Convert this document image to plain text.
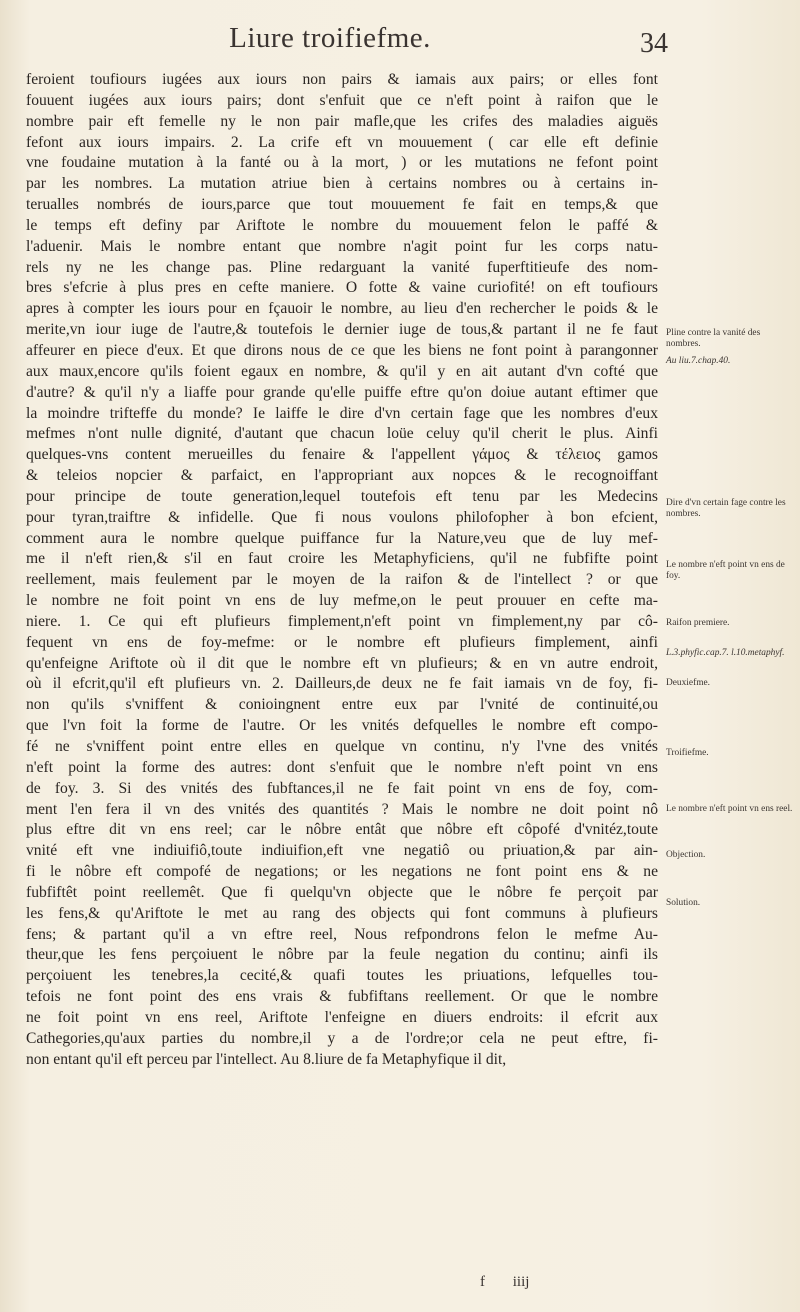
Liure troifiefme.	34
feroient toufiours iugées aux iours non pairs & iamais aux pairs; or elles font
fouuent iugées aux iours pairs; dont s'enfuit que ce n'eft point à raifon que le
nombre pair eft femelle ny le non pair mafle,que les crifes des maladies aiguës
fefont aux iours impairs. 2. La crife eft vn mouuement ( car elle eft definie
vne foudaine mutation à la fanté ou à la mort, ) or les mutations ne fefont point
par les nombres. La mutation atriue bien à certains nombres ou à certains in-
terualles nombrés de iours,parce que tout mouuement fe fait en temps,& que
le temps eft definy par Ariftote le nombre du mouuement felon le paffé &
l'aduenir. Mais le nombre entant que nombre n'agit point fur les corps natu-
rels ny ne les change pas. Pline redarguant la vanité fuperftitieufe des nom-
bres s'efcrie à plus pres en cefte maniere. O fotte & vaine curiofité! on eft toufiours
apres à compter les iours pour en fçauoir le nombre, au lieu d'en rechercher le poids & le
merite,vn iour iuge de l'autre,& toutefois le dernier iuge de tous,& partant il ne fe faut
affeurer en piece d'eux. Et que dirons nous de ce que les biens ne font point à parangonner
aux maux,encore qu'ils foient egaux en nombre, & qu'il y en ait autant d'vn cofté que
d'autre? & qu'il n'y a liaffe pour grande qu'elle puiffe eftre qu'on doiue autant eftimer que
la moindre trifteffe du monde? Ie laiffe le dire d'vn certain fage que les nombres d'eux
mefmes n'ont nulle dignité, d'autant que chacun loüe celuy qu'il cherit le plus. Ainfi
quelques-vns content merueilles du fenaire & l'appellent γάμος & τέλειος gamos
& teleios nopcier & parfaict, en l'appropriant aux nopces & le recognoiffant
pour principe de toute generation,lequel toutefois eft tenu par les Medecins
pour tyran,traiftre & infidelle. Que fi nous voulons philofopher à bon efcient,
comment aura le nombre quelque puiffance fur la Nature,veu que de luy mef-
me il n'eft rien,& s'il en faut croire les Metaphyficiens, qu'il ne fubfifte point
reellement, mais feulement par le moyen de la raifon & de l'intellect ? or que
le nombre ne foit point vn ens de luy mefme,on le peut prouuer en cefte ma-
niere. 1. Ce qui eft plufieurs fimplement,n'eft point vn fimplement,ny par cô-
fequent vn ens de foy-mefme: or le nombre eft plufieurs fimplement, ainfi
qu'enfeigne Ariftote où il dit que le nombre eft vn plufieurs; & en vn autre endroit,
où il efcrit,qu'il eft plufieurs vn. 2. Dailleurs,de deux ne fe fait iamais vn de foy, fi-
non qu'ils s'vniffent & conioingnent entre eux par l'vnité de continuité,ou
que l'vn foit la forme de l'autre. Or les vnités defquelles le nombre eft compo-
fé ne s'vniffent point entre elles en quelque vn continu, n'y l'vne des vnités
n'eft point la forme des autres: dont s'enfuit que le nombre n'eft point vn ens
de foy. 3. Si des vnités des fubftances,il ne fe fait point vn ens de foy, com-
ment l'en fera il vn des vnités des quantités ? Mais le nombre ne doit point nô
plus eftre dit vn ens reel; car le nôbre entât que nôbre eft côpofé d'vnitéz,toute
vnité eft vne indiuifiô,toute indiuifion,eft vne negatiô ou priuation,& par ain-
fi le nôbre eft compofé de negations; or les negations ne font point ens & ne
fubfiftêt point reellemêt. Que fi quelqu'vn objecte que le nôbre fe perçoit par
les fens,& qu'Ariftote le met au rang des objects qui font communs à plufieurs
fens; & partant qu'il a vn eftre reel, Nous refpondrons felon le mefme Au-
theur,que les fens perçoiuent le nôbre par la feule negation du continu; ainfi ils
perçoiuent les tenebres,la cecité,& quafi toutes les priuations, lefquelles tou-
tefois ne font point des ens vrais & fubfiftans reellement. Or que le nombre
ne foit point vn ens reel, Ariftote l'enfeigne en diuers endroits: il efcrit aux
Cathegories,qu'aux parties du nombre,il y a de l'ordre;or cela ne peut eftre, fi-
non entant qu'il eft perceu par l'intellect. Au 8.liure de fa Metaphyfique il dit,
Pline contre la vanité des nombres.
Au liu.7.chap.40.
Dire d'vn certain fage contre les nombres.
Le nombre n'eft point vn ens de foy.
Raifon premiere.
L.3.phyfic.cap.7. l.10.metaphyf.
Deuxiefme.
Troifiefme.
Le nombre n'eft point vn ens reel.
Objection.
Solution.
f iiij
